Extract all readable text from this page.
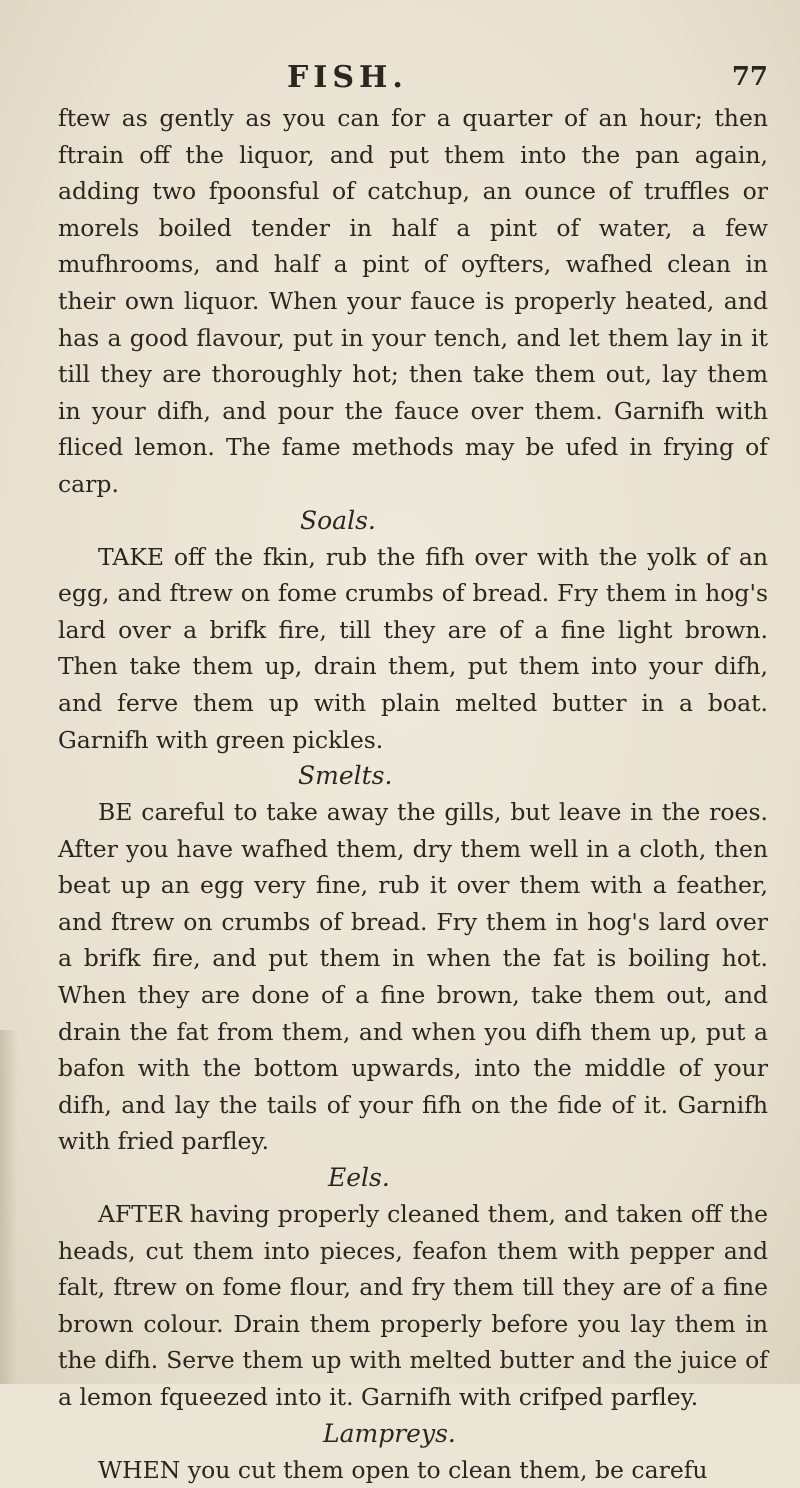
FISH.	77

ftew as gently as you can for a quarter of an hour; then ftrain off the liquor, and put them into the pan again, adding two fpoonsful of catchup, an ounce of truffles or morels boiled tender in half a pint of water, a few mufhrooms, and half a pint of oyfters, wafhed clean in their own liquor. When your fauce is properly heated, and has a good flavour, put in your tench, and let them lay in it till they are thoroughly hot; then take them out, lay them in your difh, and pour the fauce over them. Garnifh with fliced lemon. The fame methods may be ufed in frying of carp.

Soals.

TAKE off the fkin, rub the fifh over with the yolk of an egg, and ftrew on fome crumbs of bread. Fry them in hog's lard over a brifk fire, till they are of a fine light brown. Then take them up, drain them, put them into your difh, and ferve them up with plain melted butter in a boat. Garnifh with green pickles.

Smelts.

BE careful to take away the gills, but leave in the roes. After you have wafhed them, dry them well in a cloth, then beat up an egg very fine, rub it over them with a feather, and ftrew on crumbs of bread. Fry them in hog's lard over a brifk fire, and put them in when the fat is boiling hot. When they are done of a fine brown, take them out, and drain the fat from them, and when you difh them up, put a bafon with the bottom upwards, into the middle of your difh, and lay the tails of your fifh on the fide of it. Garnifh with fried parfley.

Eels.

AFTER having properly cleaned them, and taken off the heads, cut them into pieces, feafon them with pepper and falt, ftrew on fome flour, and fry them till they are of a fine brown colour. Drain them properly before you lay them in the difh. Serve them up with melted butter and the juice of a lemon fqueezed into it. Garnifh with crifped parfley.

Lampreys.

WHEN you cut them open to clean them, be carefu
